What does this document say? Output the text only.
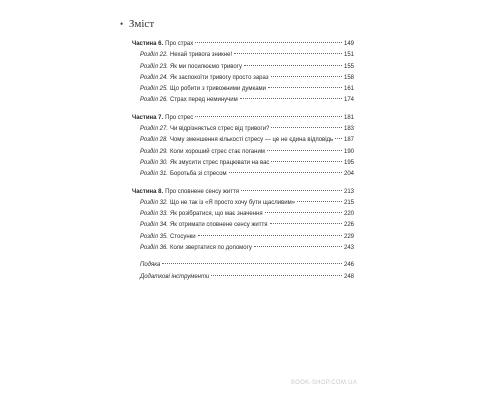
• Зміст
Частина 6. Про страх	149
Розділ 22. Нехай тривога зникне!	151
Розділ 23. Як ми посилюємо тривогу	155
Розділ 24. Як заспокоїти тривогу просто зараз	158
Розділ 25. Що робити з тривожними думками	161
Розділ 26. Страх перед неминучим	174
Частина 7. Про стрес	181
Розділ 27. Чи відрізняється стрес від тривоги?	183
Розділ 28. Чому зменшення кількості стресу — це не єдина відповідь 187
Розділ 29. Коли хороший стрес стає поганим	190
Розділ 30. Як змусити стрес працювати на вас	195
Розділ 31. Боротьба зі стресом	204
Частина 8. Про сповнене сенсу життя	213
Розділ 32. Що не так із «Я просто хочу бути щасливим»	215
Розділ 33. Як розібратися, що має значення	220
Розділ 34. Як отримати сповнене сенсу життя	226
Розділ 35. Стосунки	229
Розділ 36. Коли звертатися по допомогу	243
Подяка	246
Додаткові інструменти	248
BOOK-SHOP.COM.UA
